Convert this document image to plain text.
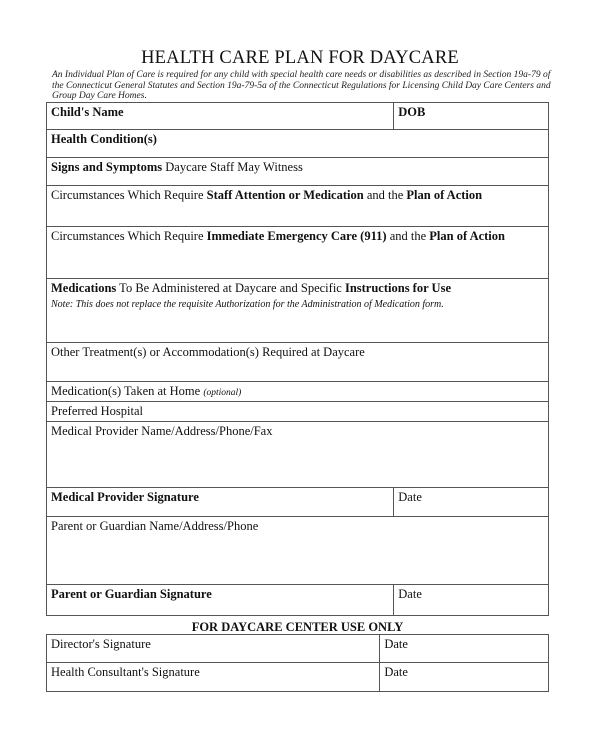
HEALTH CARE PLAN FOR DAYCARE
An Individual Plan of Care is required for any child with special health care needs or disabilities as described in Section 19a-79 of the Connecticut General Statutes and Section 19a-79-5a of the Connecticut Regulations for Licensing Child Day Care Centers and Group Day Care Homes.
Child's Name	DOB
Health Condition(s)	
Signs and Symptoms Daycare Staff May Witness	
Circumstances Which Require Staff Attention or Medication and the Plan of Action	
Circumstances Which Require Immediate Emergency Care (911) and the Plan of Action	
Medications To Be Administered at Daycare and Specific Instructions for Use
Note: This does not replace the requisite Authorization for the Administration of Medication form.	
Other Treatment(s) or Accommodation(s) Required at Daycare	
Medication(s) Taken at Home (optional)	
Preferred Hospital	
Medical Provider Name/Address/Phone/Fax	
Medical Provider Signature	Date
Parent or Guardian Name/Address/Phone	
Parent or Guardian Signature	Date
FOR DAYCARE CENTER USE ONLY
Director's Signature	Date
Health Consultant's Signature	Date
